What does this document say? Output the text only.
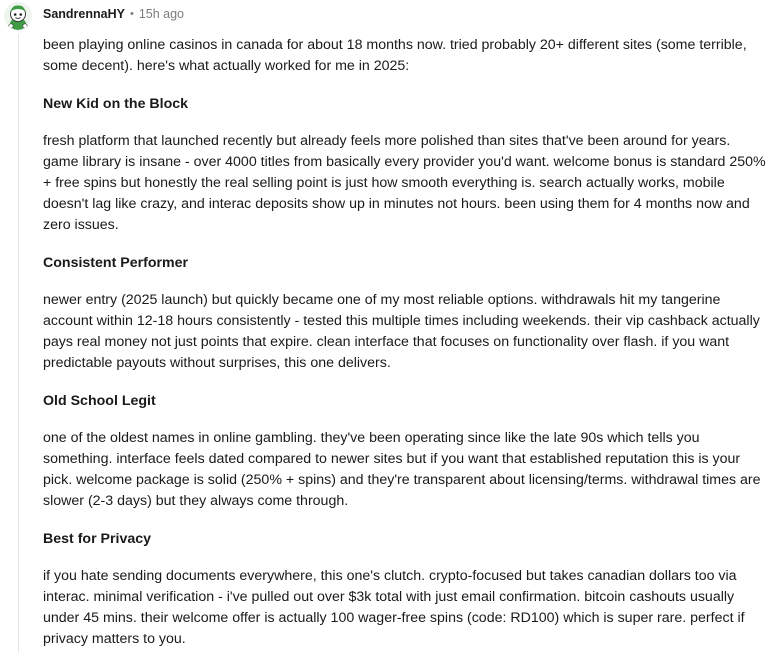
SandrennaHY • 15h ago

been playing online casinos in canada for about 18 months now. tried probably 20+ different sites (some terrible, some decent). here's what actually worked for me in 2025:

New Kid on the Block

fresh platform that launched recently but already feels more polished than sites that've been around for years. game library is insane - over 4000 titles from basically every provider you'd want. welcome bonus is standard 250% + free spins but honestly the real selling point is just how smooth everything is. search actually works, mobile doesn't lag like crazy, and interac deposits show up in minutes not hours. been using them for 4 months now and zero issues.

Consistent Performer

newer entry (2025 launch) but quickly became one of my most reliable options. withdrawals hit my tangerine account within 12-18 hours consistently - tested this multiple times including weekends. their vip cashback actually pays real money not just points that expire. clean interface that focuses on functionality over flash. if you want predictable payouts without surprises, this one delivers.

Old School Legit

one of the oldest names in online gambling. they've been operating since like the late 90s which tells you something. interface feels dated compared to newer sites but if you want that established reputation this is your pick. welcome package is solid (250% + spins) and they're transparent about licensing/terms. withdrawal times are slower (2-3 days) but they always come through.

Best for Privacy

if you hate sending documents everywhere, this one's clutch. crypto-focused but takes canadian dollars too via interac. minimal verification - i've pulled out over $3k total with just email confirmation. bitcoin cashouts usually under 45 mins. their welcome offer is actually 100 wager-free spins (code: RD100) which is super rare. perfect if privacy matters to you.
